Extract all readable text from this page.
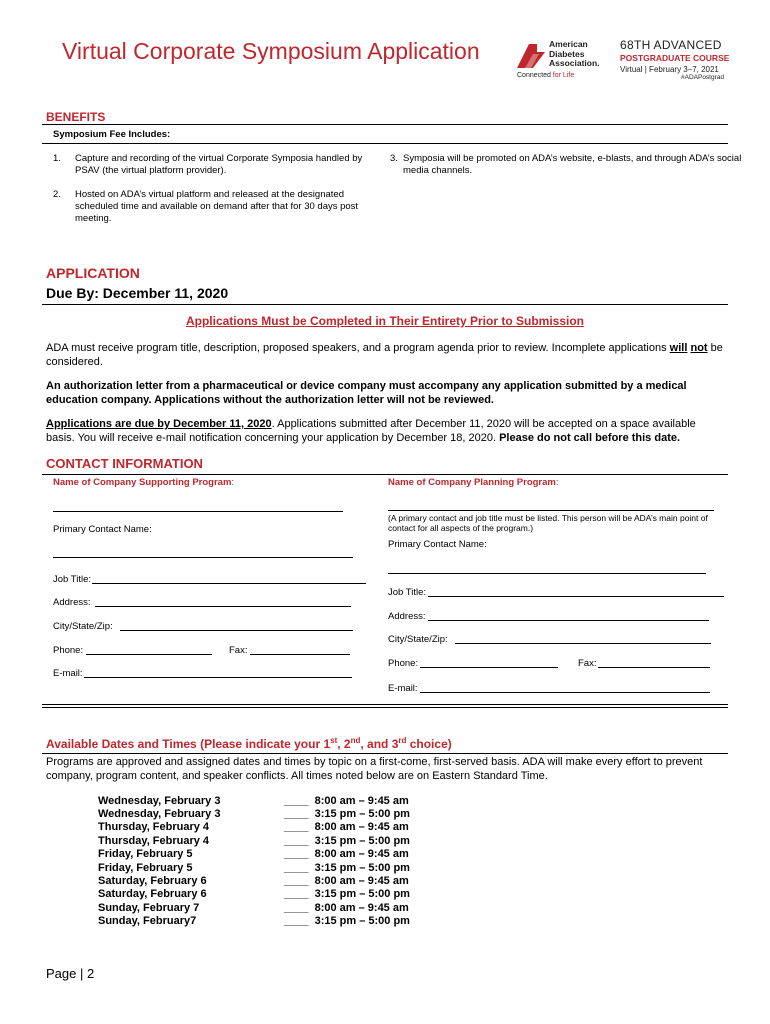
Virtual Corporate Symposium Application	American
Diabetes
Association.
Connected for Life
68TH ADVANCED
POSTGRADUATE COURSE
Virtual | February 3–7, 2021
#ADAPostgrad
BENEFITS
Symposium Fee Includes:
1. Capture and recording of the virtual Corporate Symposia handled by PSAV (the virtual platform provider).
2. Hosted on ADA’s virtual platform and released at the designated scheduled time and available on demand after that for 30 days post meeting.
3. Symposia will be promoted on ADA’s website, e-blasts, and through ADA’s social media channels.
APPLICATION
Due By: December 11, 2020
Applications Must be Completed in Their Entirety Prior to Submission
ADA must receive program title, description, proposed speakers, and a program agenda prior to review. Incomplete applications will not be considered.
An authorization letter from a pharmaceutical or device company must accompany any application submitted by a medical education company. Applications without the authorization letter will not be reviewed.
Applications are due by December 11, 2020. Applications submitted after December 11, 2020 will be accepted on a space available basis. You will receive e-mail notification concerning your application by December 18, 2020. Please do not call before this date.
CONTACT INFORMATION
Name of Company Supporting Program:
Primary Contact Name:
Job Title:
Address:
City/State/Zip:
Phone:	Fax:
E-mail:
Name of Company Planning Program:
(A primary contact and job title must be listed. This person will be ADA’s main point of contact for all aspects of the program.)
Primary Contact Name:
Job Title:
Address:
City/State/Zip:
Phone:	Fax:
E-mail:
Available Dates and Times (Please indicate your 1st, 2nd, and 3rd choice)
Programs are approved and assigned dates and times by topic on a first-come, first-served basis. ADA will make every effort to prevent company, program content, and speaker conflicts. All times noted below are on Eastern Standard Time.
Wednesday, February 3	____  8:00 am – 9:45 am
Wednesday, February 3	____  3:15 pm – 5:00 pm
Thursday, February 4	____  8:00 am – 9:45 am
Thursday, February 4	____  3:15 pm – 5:00 pm
Friday, February 5	____  8:00 am – 9:45 am
Friday, February 5	____  3:15 pm – 5:00 pm
Saturday, February 6	____  8:00 am – 9:45 am
Saturday, February 6	____  3:15 pm – 5:00 pm
Sunday, February 7	____  8:00 am – 9:45 am
Sunday, February7	____  3:15 pm – 5:00 pm
Page | 2
